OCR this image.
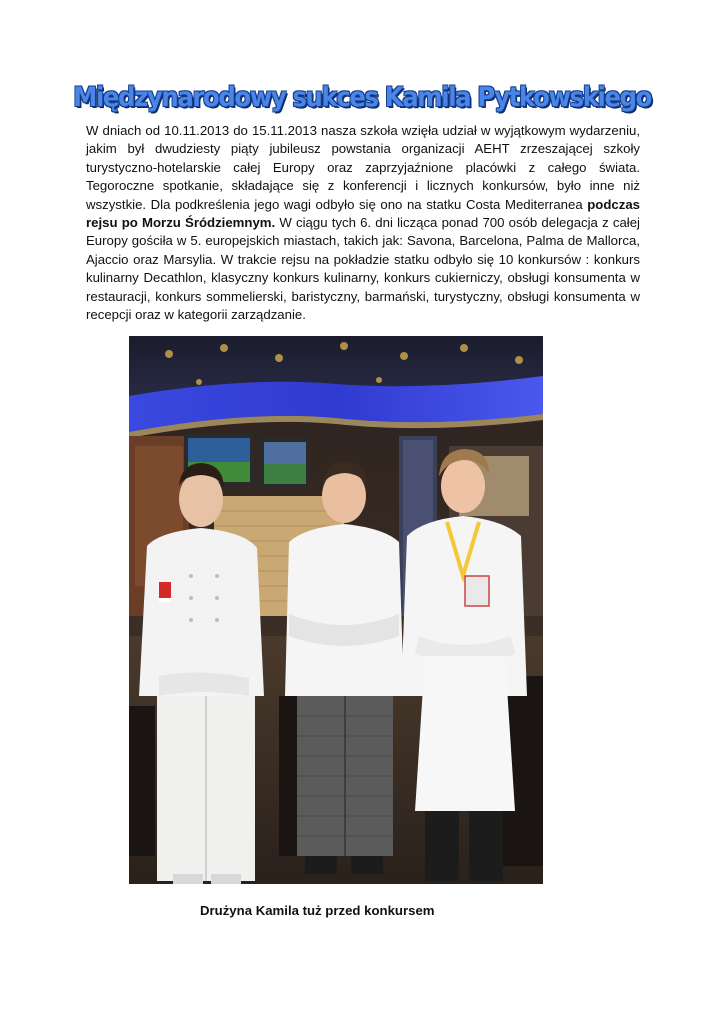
Międzynarodowy sukces Kamila Pytkowskiego

W dniach od 10.11.2013 do 15.11.2013 nasza szkoła wzięła udział w wyjątkowym wydarzeniu, jakim był dwudziesty piąty jubileusz powstania organizacji AEHT zrzeszającej szkoły turystyczno-hotelarskie całej Europy oraz zaprzyjaźnione placówki z całego świata. Tegoroczne spotkanie, składające się z konferencji i licznych konkursów, było inne niż wszystkie. Dla podkreślenia jego wagi odbyło się ono na statku Costa Mediterranea podczas rejsu po Morzu Śródziemnym. W ciągu tych 6. dni licząca ponad 700 osób delegacja z całej Europy gościła w 5. europejskich miastach, takich jak: Savona, Barcelona, Palma de Mallorca, Ajaccio oraz Marsylia. W trakcie rejsu na pokładzie statku odbyło się 10 konkursów : konkurs kulinarny Decathlon, klasyczny konkurs kulinarny, konkurs cukierniczy, obsługi konsumenta w restauracji, konkurs sommelierski, baristyczny, barmański, turystyczny, obsługi konsumenta w recepcji oraz w kategorii zarządzanie.

Drużyna Kamila tuż przed konkursem
